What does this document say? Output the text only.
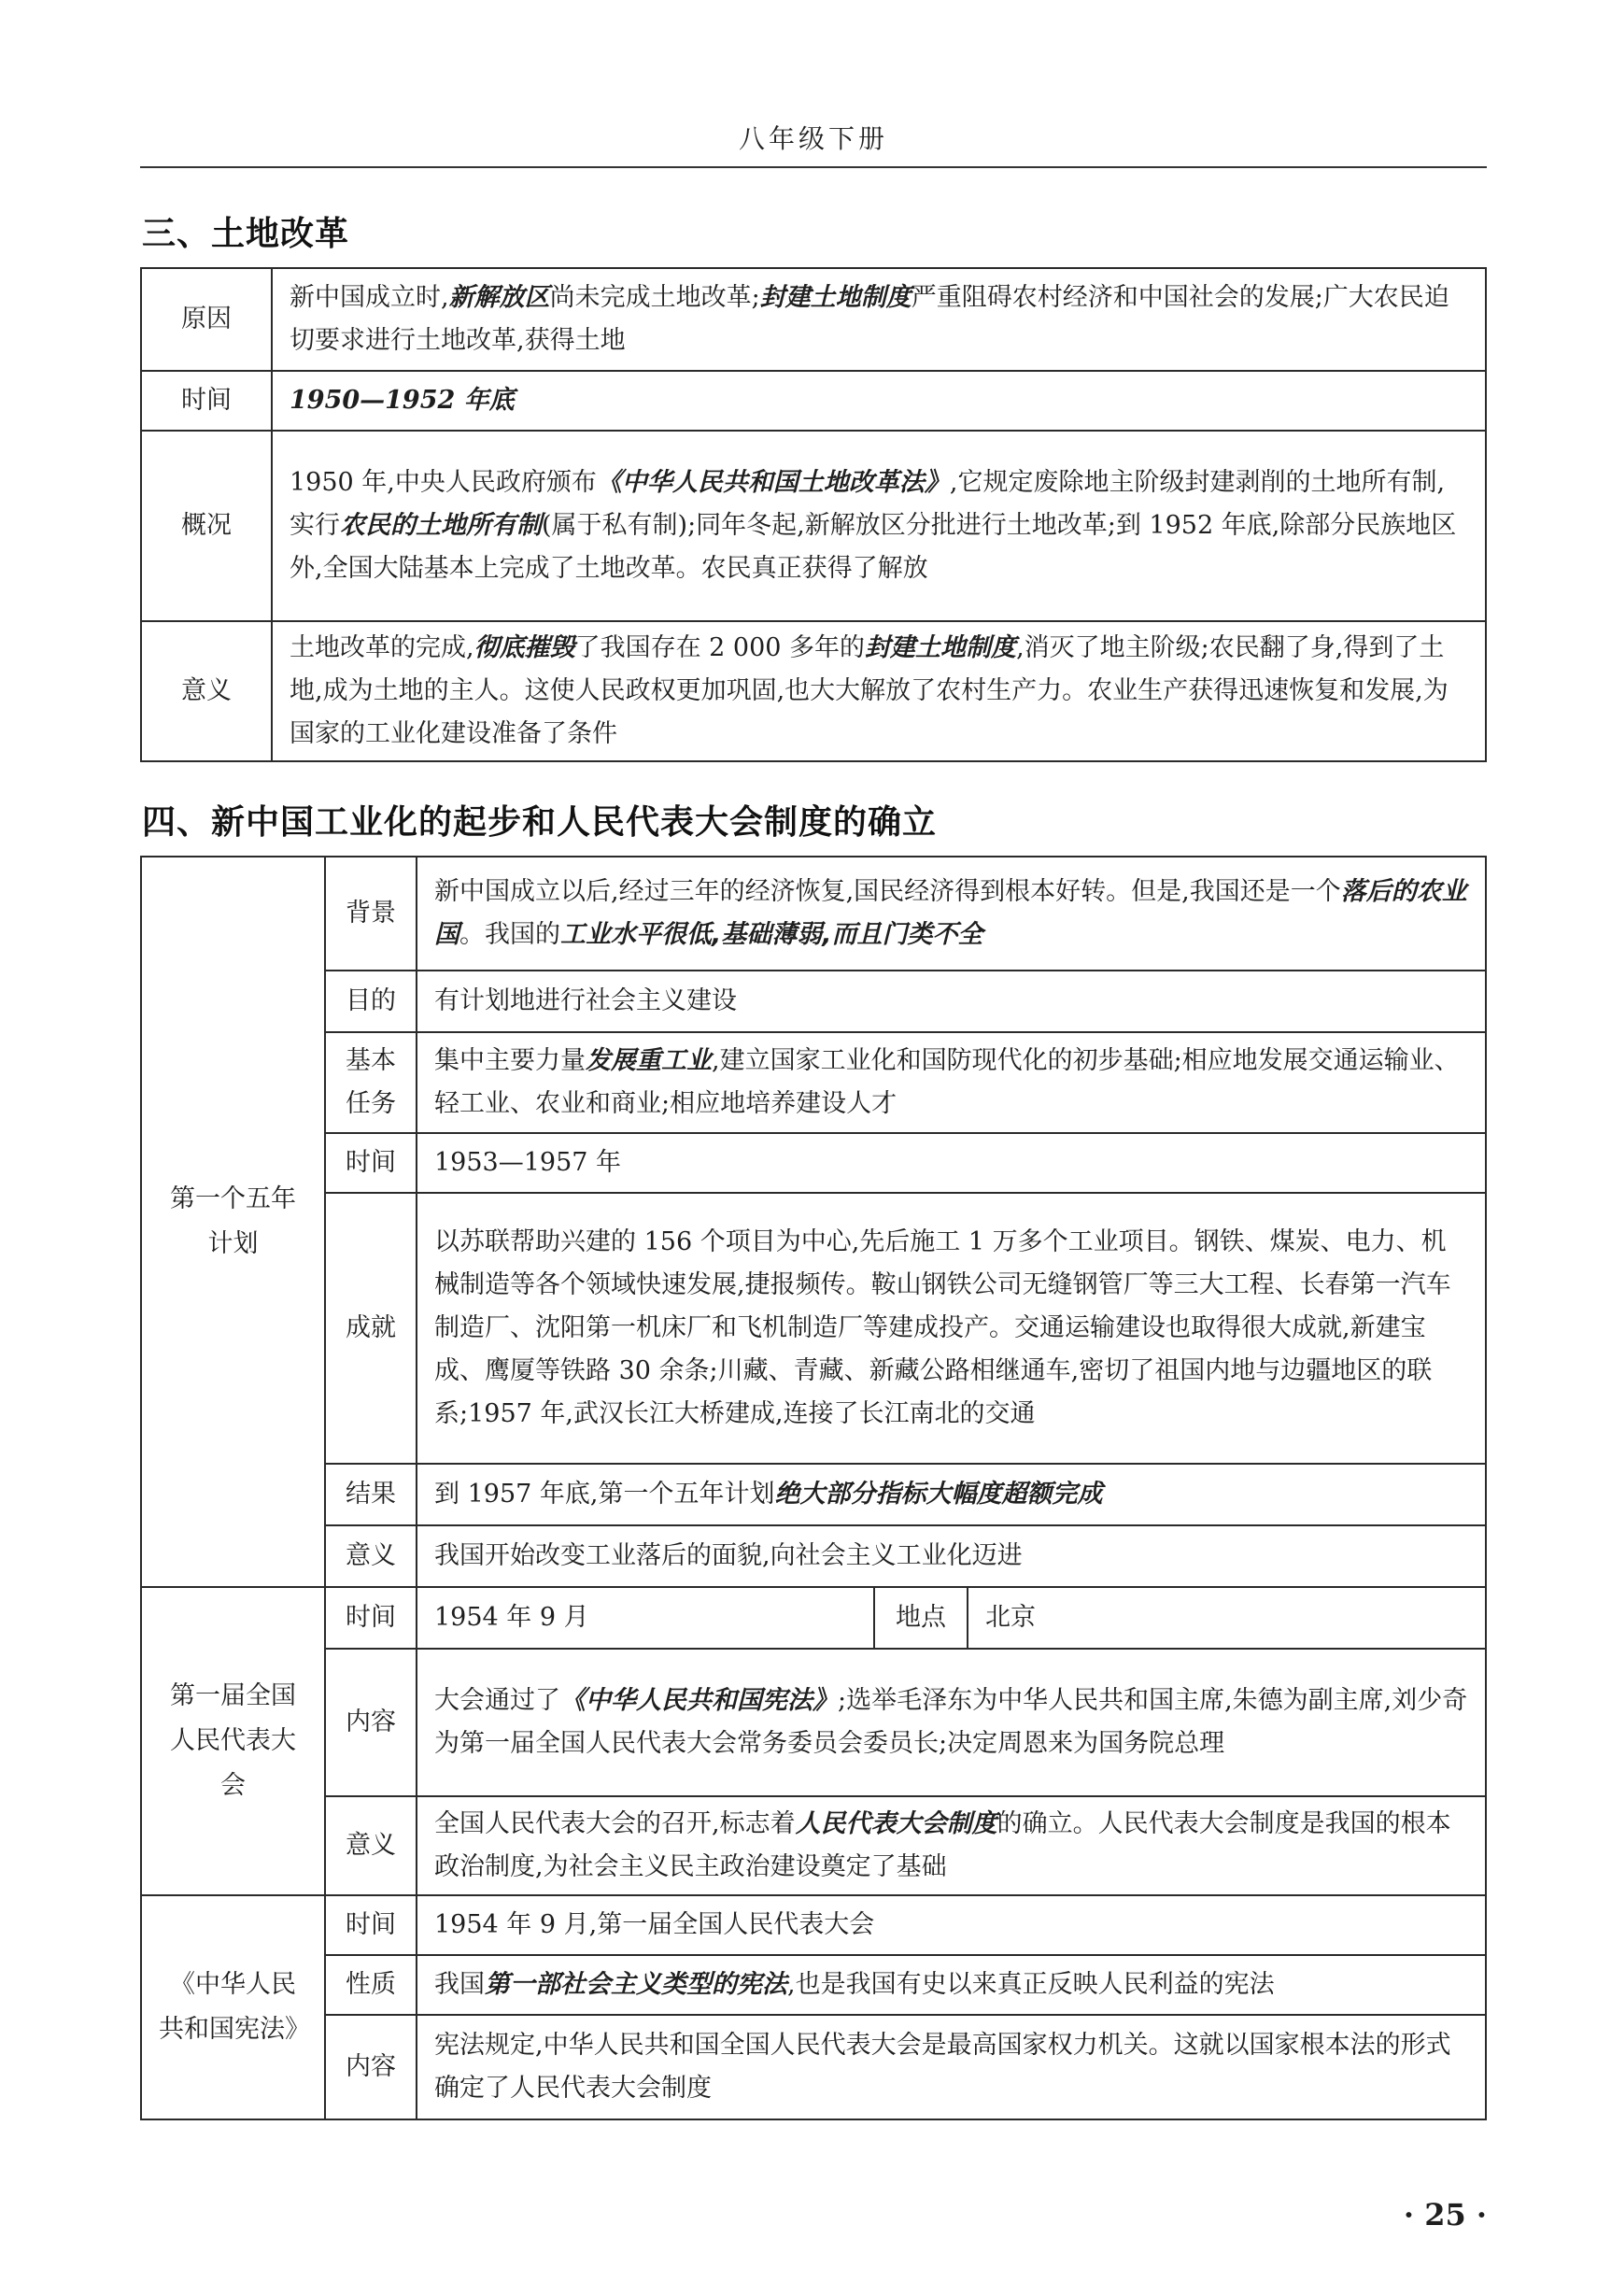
八年级下册
三、土地改革
原因	新中国成立时,新解放区尚未完成土地改革;封建土地制度严重阻碍农村经济和中国社会的发展;广大农民迫切要求进行土地改革,获得土地
时间	1950—1952 年底
概况	1950 年,中央人民政府颁布《中华人民共和国土地改革法》,它规定废除地主阶级封建剥削的土地所有制,实行农民的土地所有制(属于私有制);同年冬起,新解放区分批进行土地改革;到 1952 年底,除部分民族地区外,全国大陆基本上完成了土地改革。农民真正获得了解放
意义	土地改革的完成,彻底摧毁了我国存在 2 000 多年的封建土地制度,消灭了地主阶级;农民翻了身,得到了土地,成为土地的主人。这使人民政权更加巩固,也大大解放了农村生产力。农业生产获得迅速恢复和发展,为国家的工业化建设准备了条件
四、新中国工业化的起步和人民代表大会制度的确立
第一个五年计划	背景	新中国成立以后,经过三年的经济恢复,国民经济得到根本好转。但是,我国还是一个落后的农业国。我国的工业水平很低,基础薄弱,而且门类不全		
	目的	有计划地进行社会主义建设		
	基本任务	集中主要力量发展重工业,建立国家工业化和国防现代化的初步基础;相应地发展交通运输业、轻工业、农业和商业;相应地培养建设人才		
	时间	1953—1957 年		
	成就	以苏联帮助兴建的 156 个项目为中心,先后施工 1 万多个工业项目。钢铁、煤炭、电力、机械制造等各个领域快速发展,捷报频传。鞍山钢铁公司无缝钢管厂等三大工程、长春第一汽车制造厂、沈阳第一机床厂和飞机制造厂等建成投产。交通运输建设也取得很大成就,新建宝成、鹰厦等铁路 30 余条;川藏、青藏、新藏公路相继通车,密切了祖国内地与边疆地区的联系;1957 年,武汉长江大桥建成,连接了长江南北的交通		
	结果	到 1957 年底,第一个五年计划绝大部分指标大幅度超额完成		
	意义	我国开始改变工业落后的面貌,向社会主义工业化迈进		
第一届全国人民代表大会	时间	1954 年 9 月	地点	北京
	内容	大会通过了《中华人民共和国宪法》;选举毛泽东为中华人民共和国主席,朱德为副主席,刘少奇为第一届全国人民代表大会常务委员会委员长;决定周恩来为国务院总理		
	意义	全国人民代表大会的召开,标志着人民代表大会制度的确立。人民代表大会制度是我国的根本政治制度,为社会主义民主政治建设奠定了基础		
《中华人民共和国宪法》	时间	1954 年 9 月,第一届全国人民代表大会		
	性质	我国第一部社会主义类型的宪法,也是我国有史以来真正反映人民利益的宪法		
	内容	宪法规定,中华人民共和国全国人民代表大会是最高国家权力机关。这就以国家根本法的形式确定了人民代表大会制度		
· 25 ·
